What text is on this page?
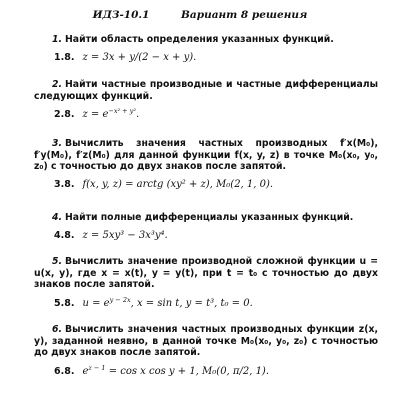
ИДЗ-10.1	Вариант 8 решения
1. Найти область определения указанных функций.
1.8. z = 3x + y/(2 − x + y).
2. Найти частные производные и частные дифференциалы следующих функций.
2.8. $z = e^{-x^2 + y^2}$.
3. Вычислить значения частных производных f′x(M₀), f′y(M₀), f′z(M₀) для данной функции f(x, y, z) в точке M₀(x₀, y₀, z₀) с точностью до двух знаков после запятой.
3.8. f(x, y, z) = arctg (xy² + z), M₀(2, 1, 0).
4. Найти полные дифференциалы указанных функций.
4.8. z = 5xy³ − 3x³y⁴.
5. Вычислить значение производной сложной функции u = u(x, y), где x = x(t), y = y(t), при t = t₀ с точностью до двух знаков после запятой.
5.8. $u = e^{y - 2x}$, x = sin t, y = t³, t₀ = 0.
6. Вычислить значения частных производных функции z(x, y), заданной неявно, в данной точке M₀(x₀, y₀, z₀) с точностью до двух знаков после запятой.
6.8. $e^{z - 1} = \cos x$ cos y + 1, M₀(0, π/2, 1).
